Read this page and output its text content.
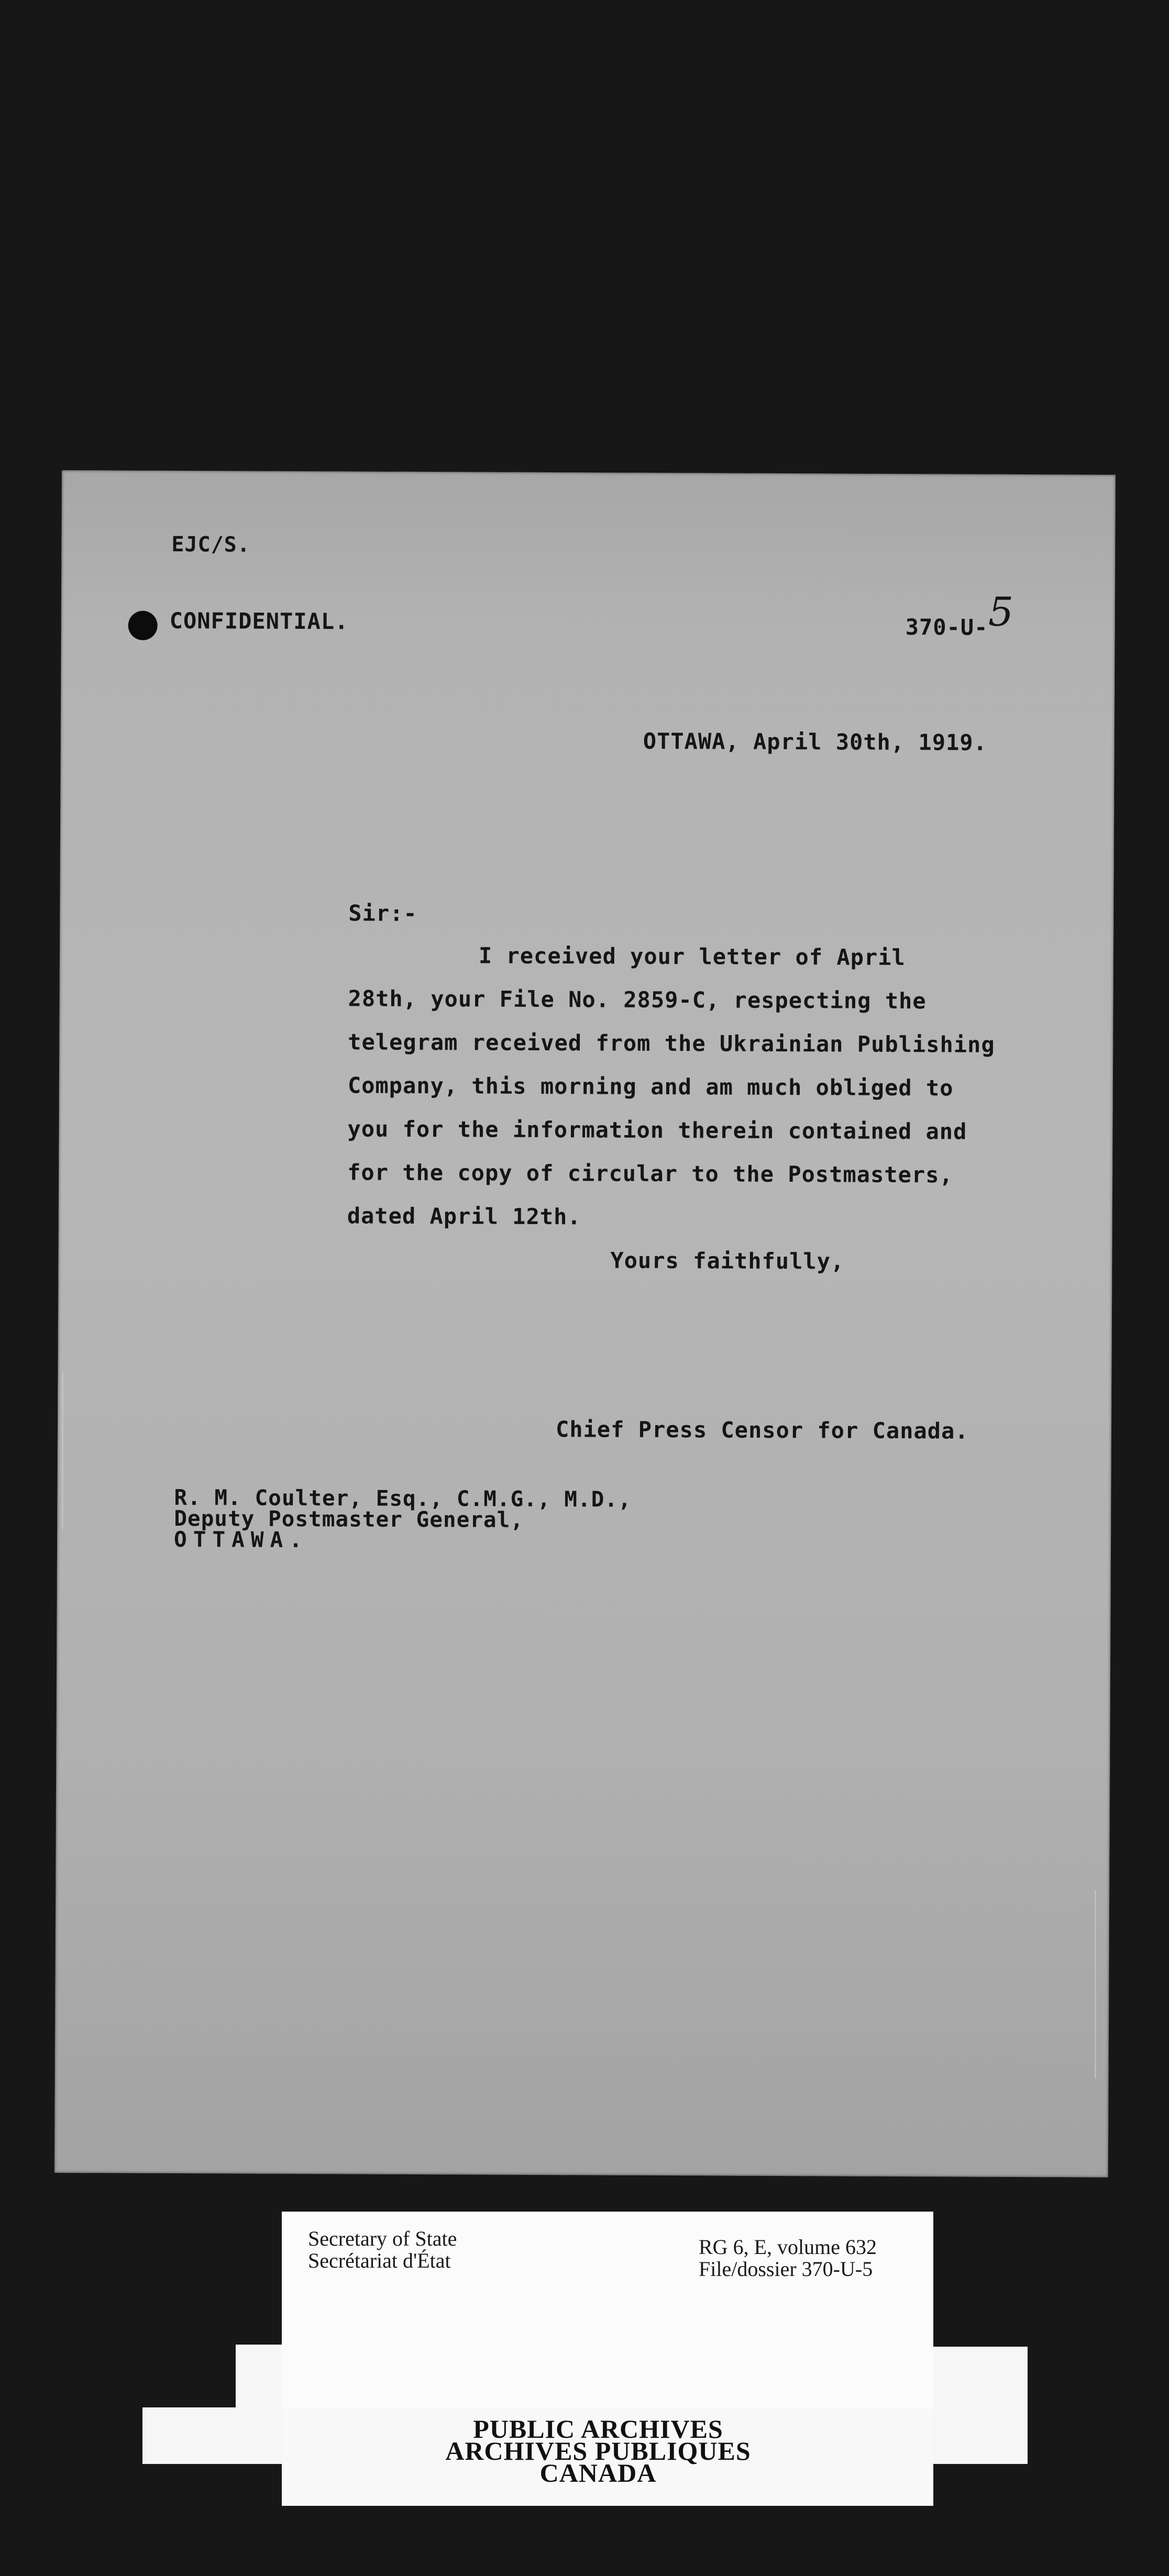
EJC/S.
CONFIDENTIAL.	370-U- 5
OTTAWA, April 30th, 1919.
Sir:-
I received your letter of April
28th, your File No. 2859-C, respecting the
telegram received from the Ukrainian Publishing
Company, this morning and am much obliged to
you for the information therein contained and
for the copy of circular to the Postmasters,
dated April 12th.
Yours faithfully,
Chief Press Censor for Canada.
R. M. Coulter, Esq., C.M.G., M.D.,
Deputy Postmaster General,
OTTAWA.
Secretary of State
Secrétariat d'État
RG 6, E, volume 632
File/dossier 370-U-5
PUBLIC ARCHIVES
ARCHIVES PUBLIQUES
CANADA
